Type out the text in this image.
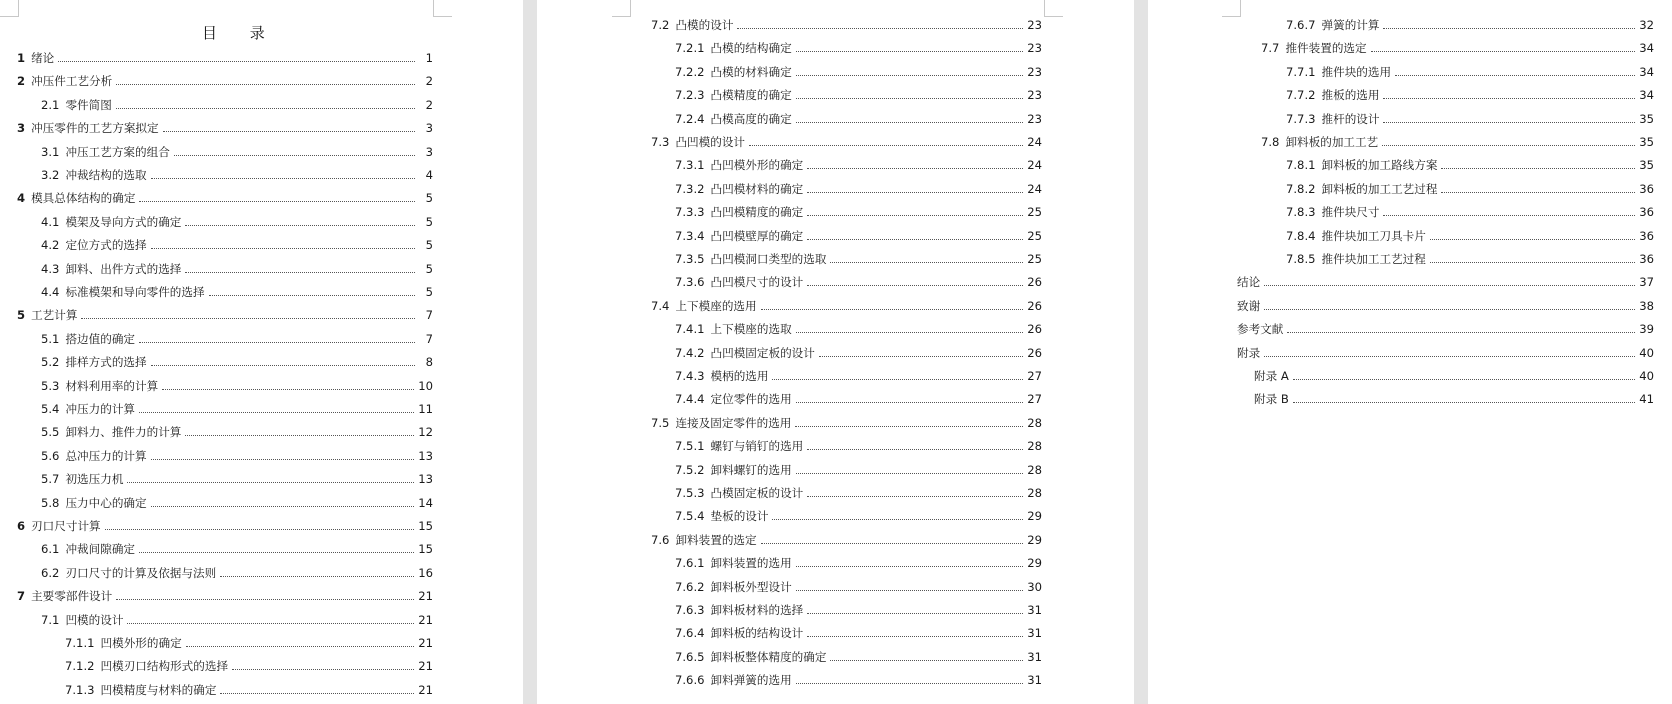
目 录
1 绪论	1
2 冲压件工艺分析	2
2.1 零件简图	2
3 冲压零件的工艺方案拟定	3
3.1 冲压工艺方案的组合	3
3.2 冲裁结构的选取	4
4 模具总体结构的确定	5
4.1 模架及导向方式的确定	5
4.2 定位方式的选择	5
4.3 卸料、出件方式的选择	5
4.4 标准模架和导向零件的选择	5
5 工艺计算	7
5.1 搭边值的确定	7
5.2 排样方式的选择	8
5.3 材料利用率的计算	10
5.4 冲压力的计算	11
5.5 卸料力、推件力的计算	12
5.6 总冲压力的计算	13
5.7 初选压力机	13
5.8 压力中心的确定	14
6 刃口尺寸计算	15
6.1 冲裁间隙确定	15
6.2 刃口尺寸的计算及依据与法则	16
7 主要零部件设计	21
7.1 凹模的设计	21
7.1.1 凹模外形的确定	21
7.1.2 凹模刃口结构形式的选择	21
7.1.3 凹模精度与材料的确定	21
7.2 凸模的设计	23
7.2.1 凸模的结构确定	23
7.2.2 凸模的材料确定	23
7.2.3 凸模精度的确定	23
7.2.4 凸模高度的确定	23
7.3 凸凹模的设计	24
7.3.1 凸凹模外形的确定	24
7.3.2 凸凹模材料的确定	24
7.3.3 凸凹模精度的确定	25
7.3.4 凸凹模壁厚的确定	25
7.3.5 凸凹模洞口类型的选取	25
7.3.6 凸凹模尺寸的设计	26
7.4 上下模座的选用	26
7.4.1 上下模座的选取	26
7.4.2 凸凹模固定板的设计	26
7.4.3 模柄的选用	27
7.4.4 定位零件的选用	27
7.5 连接及固定零件的选用	28
7.5.1 螺钉与销钉的选用	28
7.5.2 卸料螺钉的选用	28
7.5.3 凸模固定板的设计	28
7.5.4 垫板的设计	29
7.6 卸料装置的选定	29
7.6.1 卸料装置的选用	29
7.6.2 卸料板外型设计	30
7.6.3 卸料板材料的选择	31
7.6.4 卸料板的结构设计	31
7.6.5 卸料板整体精度的确定	31
7.6.6 卸料弹簧的选用	31
7.6.7 弹簧的计算	32
7.7 推件装置的选定	34
7.7.1 推件块的选用	34
7.7.2 推板的选用	34
7.7.3 推杆的设计	35
7.8 卸料板的加工工艺	35
7.8.1 卸料板的加工路线方案	35
7.8.2 卸料板的加工工艺过程	36
7.8.3 推件块尺寸	36
7.8.4 推件块加工刀具卡片	36
7.8.5 推件块加工工艺过程	36
结论	37
致谢	38
参考文献	39
附录	40
附录 A	40
附录 B	41
